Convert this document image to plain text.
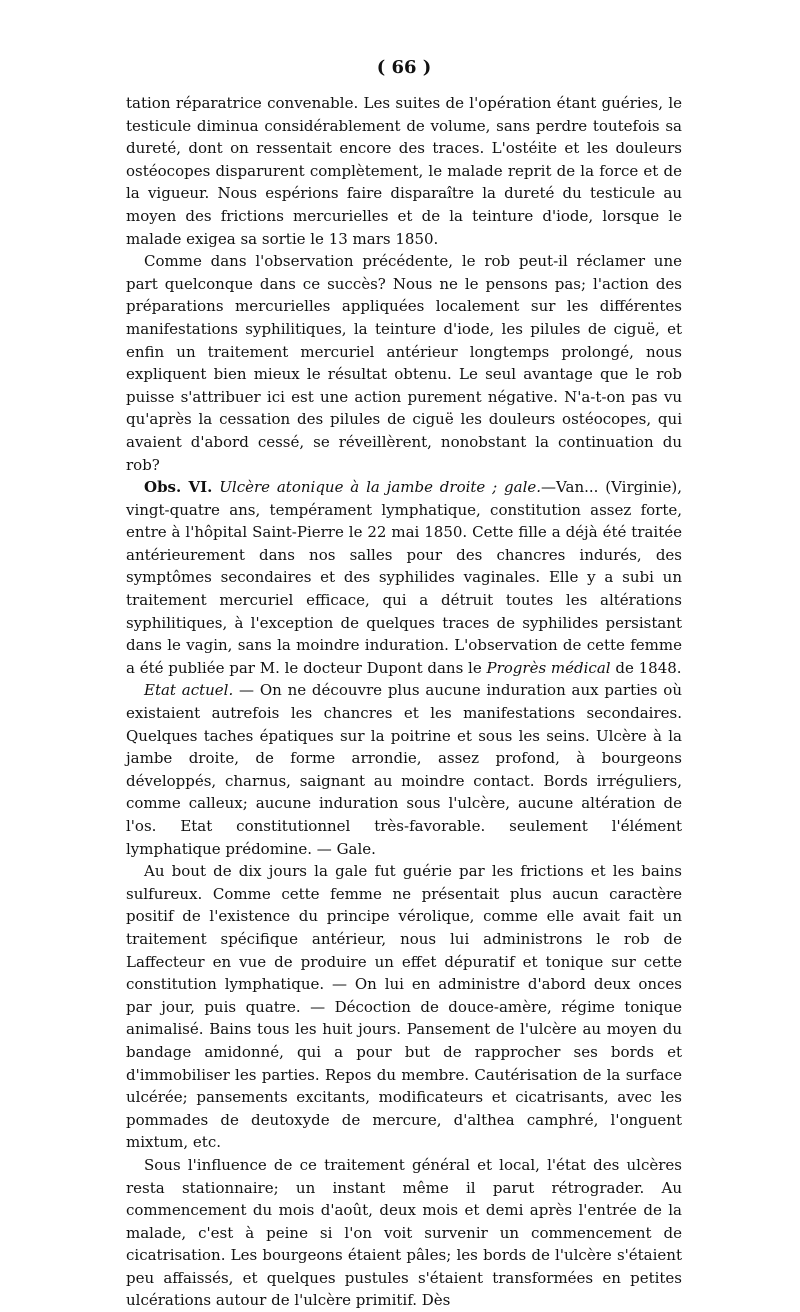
( 66 )

tation réparatrice convenable. Les suites de l'opération étant guéries, le testicule diminua considérablement de volume, sans perdre toutefois sa dureté, dont on ressentait encore des traces. L'ostéite et les douleurs ostéocopes disparurent complètement, le malade reprit de la force et de la vigueur. Nous espérions faire disparaître la dureté du testicule au moyen des frictions mercurielles et de la teinture d'iode, lorsque le malade exigea sa sortie le 13 mars 1850.

Comme dans l'observation précédente, le rob peut-il réclamer une part quelconque dans ce succès? Nous ne le pensons pas; l'action des préparations mercurielles appliquées localement sur les différentes manifestations syphilitiques, la teinture d'iode, les pilules de ciguë, et enfin un traitement mercuriel antérieur longtemps prolongé, nous expliquent bien mieux le résultat obtenu. Le seul avantage que le rob puisse s'attribuer ici est une action purement négative. N'a-t-on pas vu qu'après la cessation des pilules de ciguë les douleurs ostéocopes, qui avaient d'abord cessé, se réveillèrent, nonobstant la continuation du rob?

Obs. VI. Ulcère atonique à la jambe droite ; gale.—Van... (Virginie), vingt-quatre ans, tempérament lymphatique, constitution assez forte, entre à l'hôpital Saint-Pierre le 22 mai 1850. Cette fille a déjà été traitée antérieurement dans nos salles pour des chancres indurés, des symptômes secondaires et des syphilides vaginales. Elle y a subi un traitement mercuriel efficace, qui a détruit toutes les altérations syphilitiques, à l'exception de quelques traces de syphilides persistant dans le vagin, sans la moindre induration. L'observation de cette femme a été publiée par M. le docteur Dupont dans le Progrès médical de 1848.

Etat actuel. — On ne découvre plus aucune induration aux parties où existaient autrefois les chancres et les manifestations secondaires. Quelques taches épatiques sur la poitrine et sous les seins. Ulcère à la jambe droite, de forme arrondie, assez profond, à bourgeons développés, charnus, saignant au moindre contact. Bords irréguliers, comme calleux; aucune induration sous l'ulcère, aucune altération de l'os. Etat constitutionnel très-favorable. seulement l'élément lymphatique prédomine. — Gale.

Au bout de dix jours la gale fut guérie par les frictions et les bains sulfureux. Comme cette femme ne présentait plus aucun caractère positif de l'existence du principe vérolique, comme elle avait fait un traitement spécifique antérieur, nous lui administrons le rob de Laffecteur en vue de produire un effet dépuratif et tonique sur cette constitution lymphatique. — On lui en administre d'abord deux onces par jour, puis quatre. — Décoction de douce-amère, régime tonique animalisé. Bains tous les huit jours. Pansement de l'ulcère au moyen du bandage amidonné, qui a pour but de rapprocher ses bords et d'immobiliser les parties. Repos du membre. Cautérisation de la surface ulcérée; pansements excitants, modificateurs et cicatrisants, avec les pommades de deutoxyde de mercure, d'althea camphré, l'onguent mixtum, etc.

Sous l'influence de ce traitement général et local, l'état des ulcères resta stationnaire; un instant même il parut rétrograder. Au commencement du mois d'août, deux mois et demi après l'entrée de la malade, c'est à peine si l'on voit survenir un commencement de cicatrisation. Les bourgeons étaient pâles; les bords de l'ulcère s'étaient peu affaissés, et quelques pustules s'étaient transformées en petites ulcérations autour de l'ulcère primitif. Dès
